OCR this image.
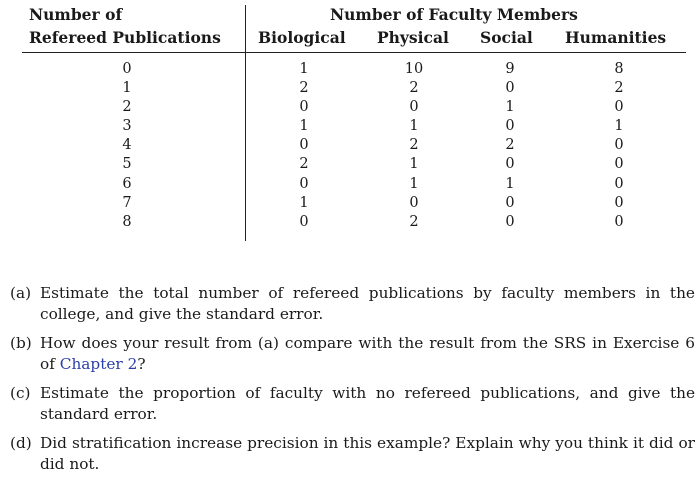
Number of
Refereed Publications
Number of Faculty Members
Biological Physical Social Humanities
0
1
2
3
4
5
6
7
8
1
2
0
1
0
2
0
1
0
10
2
0
1
2
1
1
0
2
9
0
1
0
2
0
1
0
0
8
2
0
1
0
0
0
0
0
(a) Estimate the total number of refereed publications by faculty members in the college, and give the standard error.
(b) How does your result from (a) compare with the result from the SRS in Exercise 6 of Chapter 2?
(c) Estimate the proportion of faculty with no refereed publications, and give the standard error.
(d) Did stratification increase precision in this example? Explain why you think it did or did not.
